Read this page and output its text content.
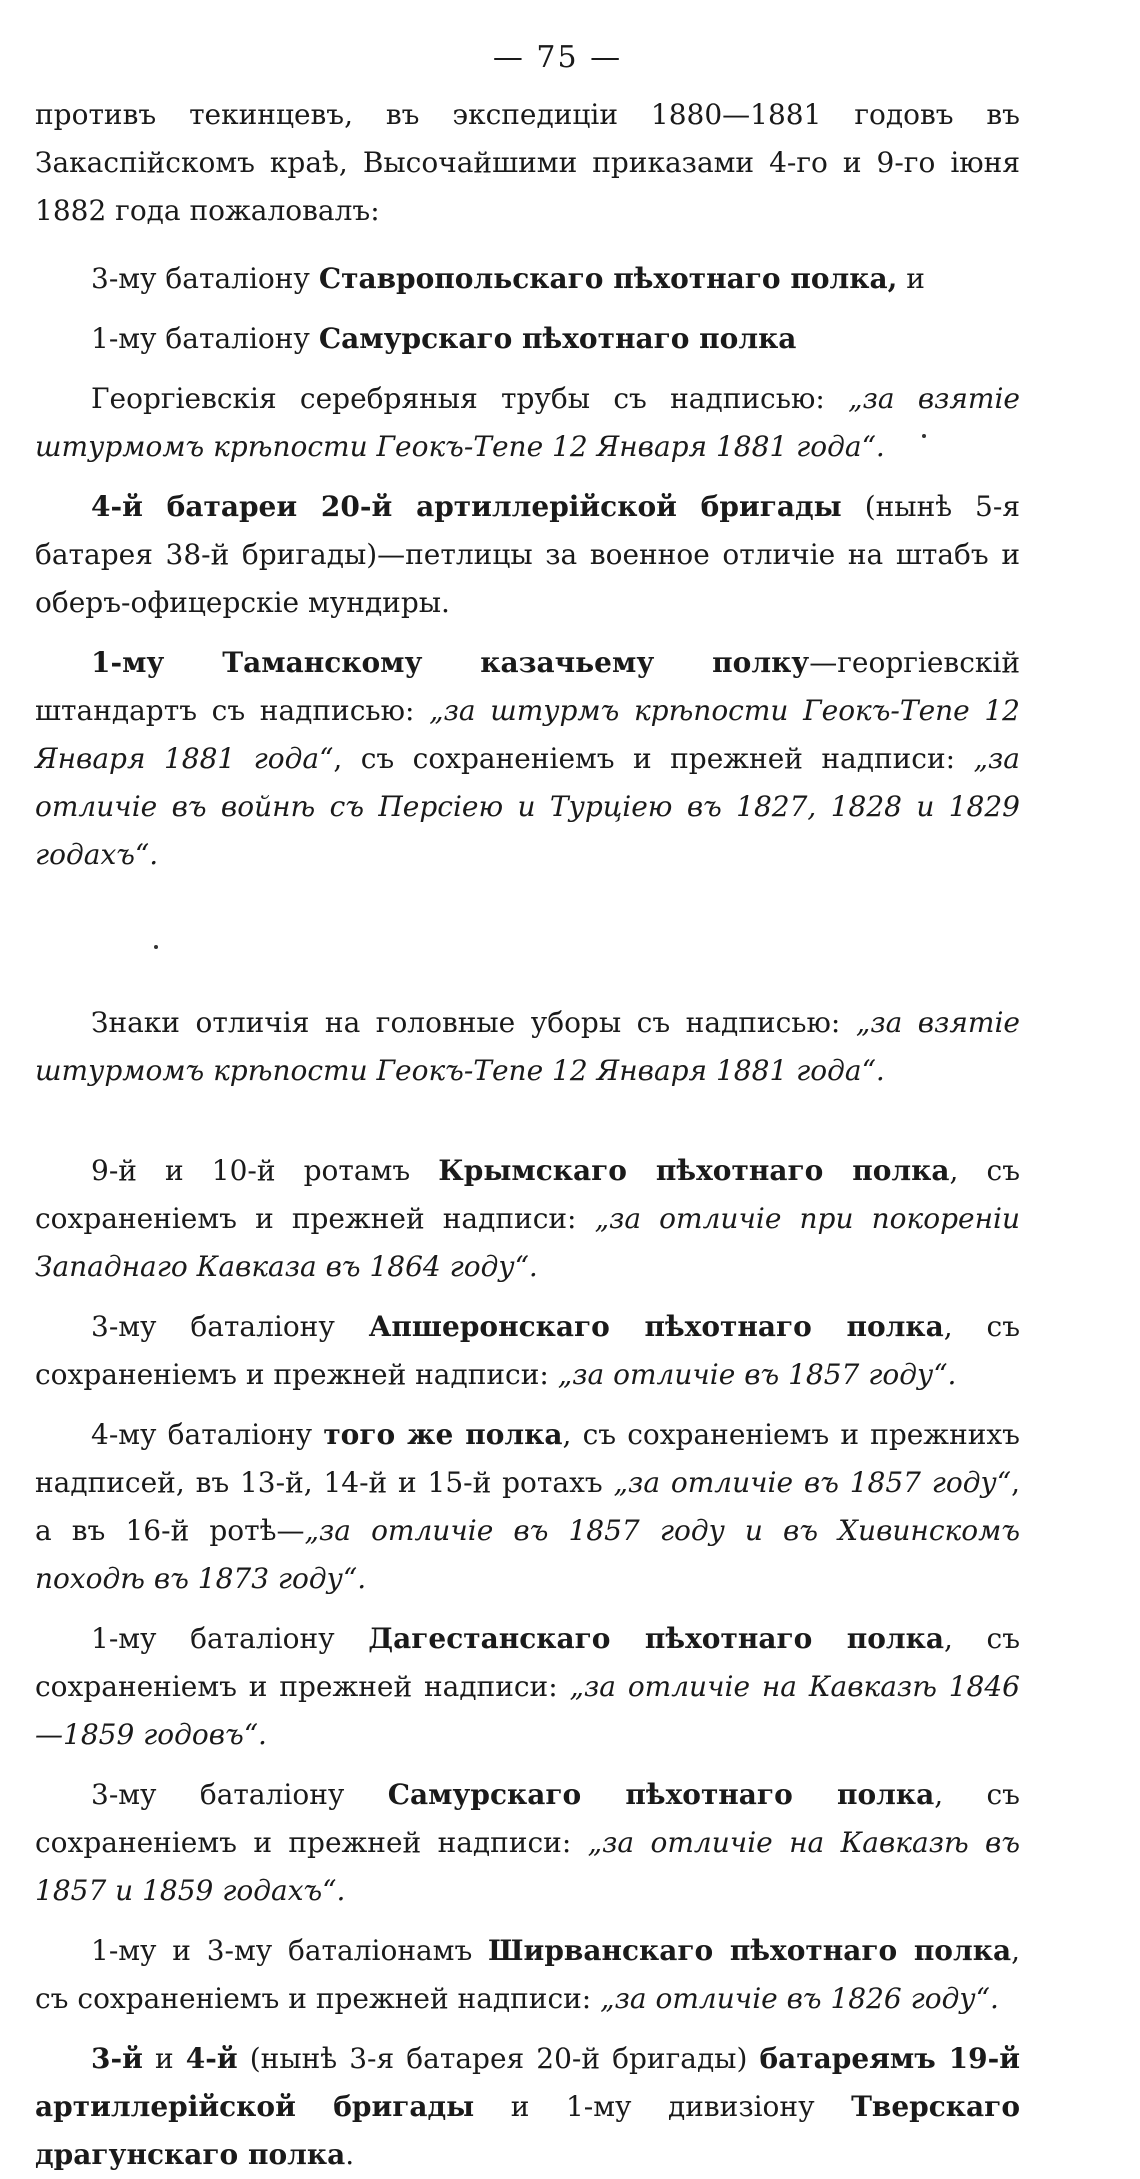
— 75 —

противъ текинцевъ, въ экспедиціи 1880—1881 годовъ въ Закаспійскомъ краѣ, Высочайшими приказами 4-го и 9-го іюня 1882 года пожаловалъ:

3-му баталіону Ставропольскаго пѣхотнаго полка, и

1-му баталіону Самурскаго пѣхотнаго полка

Георгіевскія серебряныя трубы съ надписью: „за взятіе штурмомъ крѣпости Геокъ-Тепе 12 Января 1881 года“.

4-й батареи 20-й артиллерійской бригады (нынѣ 5-я батарея 38-й бригады)—петлицы за военное отличіе на штабъ и оберъ-офицерскіе мундиры.

1-му Таманскому казачьему полку—георгіевскій штандартъ съ надписью: „за штурмъ крѣпости Геокъ-Тепе 12 Января 1881 года“, съ сохраненіемъ и прежней надписи: „за отличіе въ войнѣ съ Персіею и Турціею въ 1827, 1828 и 1829 годахъ“.

Знаки отличія на головные уборы съ надписью: „за взятіе штурмомъ крѣпости Геокъ-Тепе 12 Января 1881 года“.

9-й и 10-й ротамъ Крымскаго пѣхотнаго полка, съ сохраненіемъ и прежней надписи: „за отличіе при покореніи Западнаго Кавказа въ 1864 году“.

3-му баталіону Апшеронскаго пѣхотнаго полка, съ сохраненіемъ и прежней надписи: „за отличіе въ 1857 году“.

4-му баталіону того же полка, съ сохраненіемъ и прежнихъ надписей, въ 13-й, 14-й и 15-й ротахъ „за отличіе въ 1857 году“, а въ 16-й ротѣ—„за отличіе въ 1857 году и въ Хивинскомъ походѣ въ 1873 году“.

1-му баталіону Дагестанскаго пѣхотнаго полка, съ сохраненіемъ и прежней надписи: „за отличіе на Кавказѣ 1846—1859 годовъ“.

3-му баталіону Самурскаго пѣхотнаго полка, съ сохраненіемъ и прежней надписи: „за отличіе на Кавказѣ въ 1857 и 1859 годахъ“.

1-му и 3-му баталіонамъ Ширванскаго пѣхотнаго полка, съ сохраненіемъ и прежней надписи: „за отличіе въ 1826 году“.

3-й и 4-й (нынѣ 3-я батарея 20-й бригады) батареямъ 19-й артиллерійской бригады и 1-му дивизіону Тверскаго драгунскаго полка.
